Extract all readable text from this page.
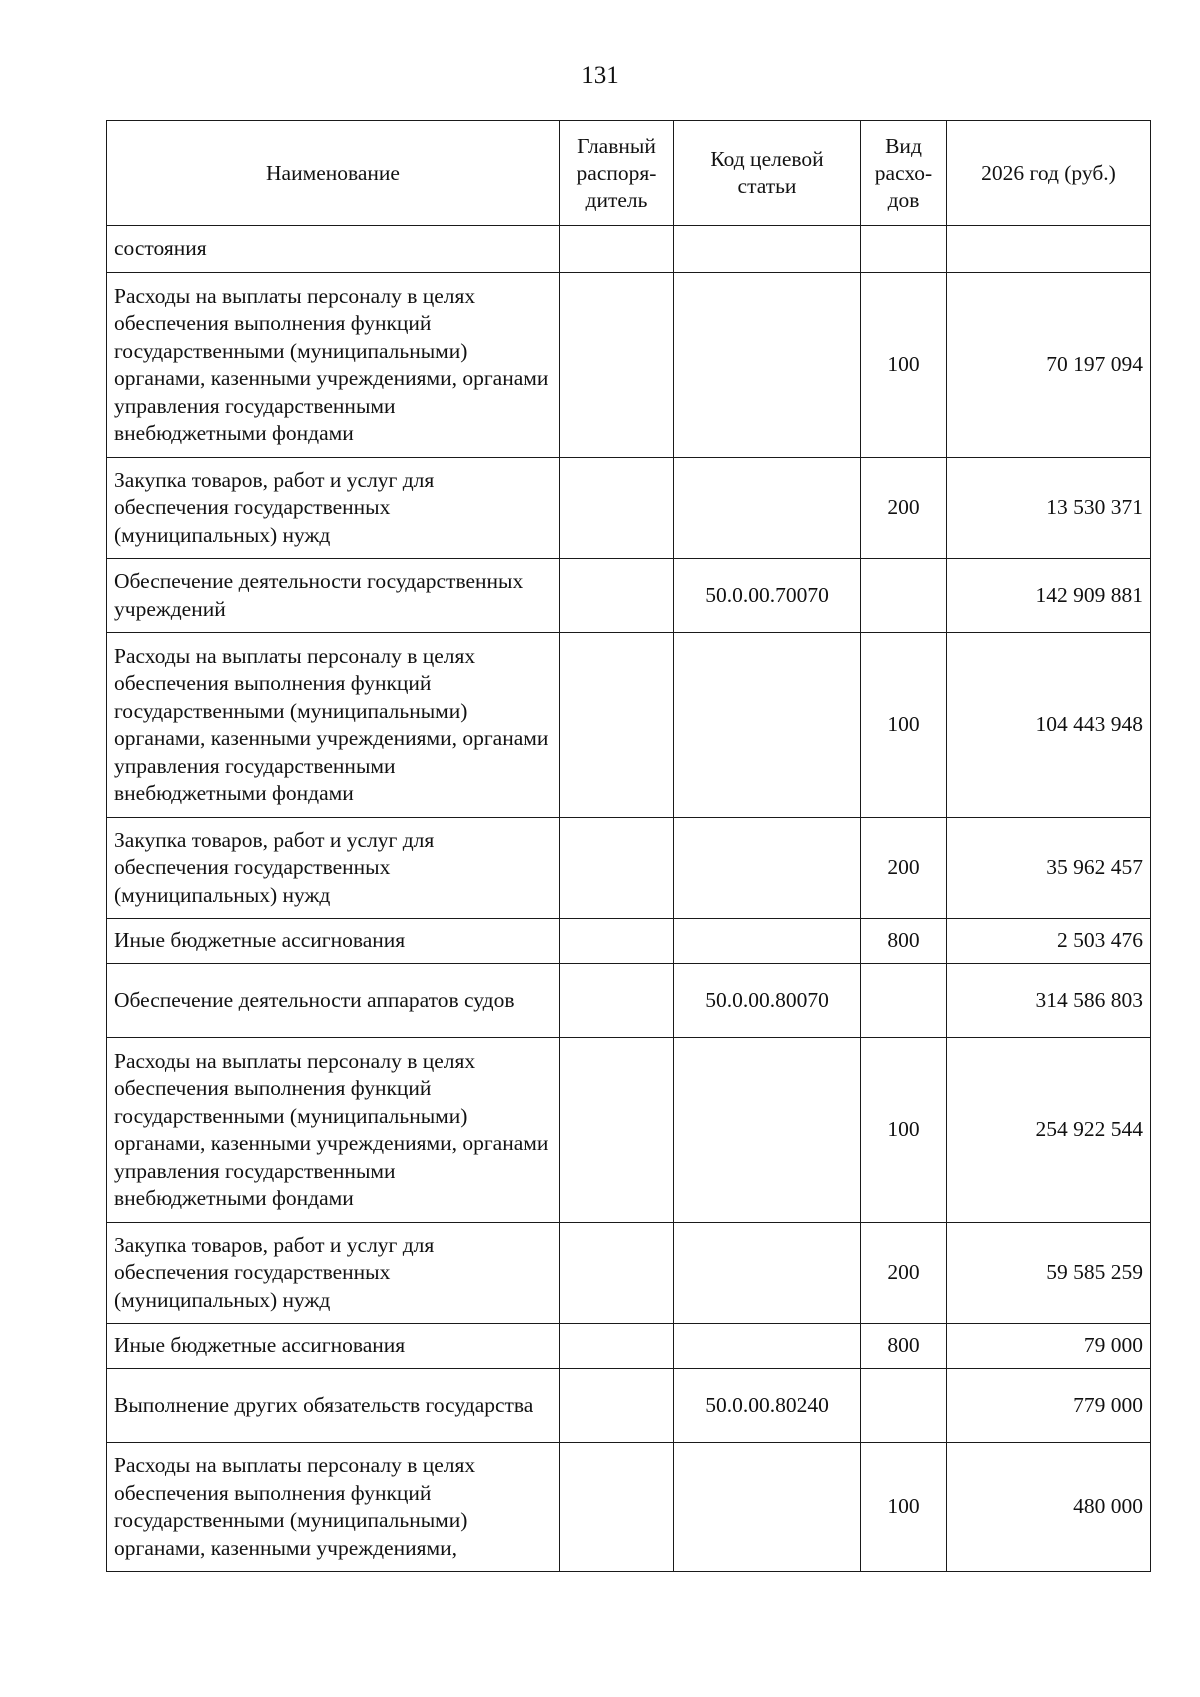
131
Наименование	Главный распоря-дитель	Код целевой статьи	Вид расхо-дов	2026 год (руб.)
состояния				
Расходы на выплаты персоналу в целях обеспечения выполнения функций государственными (муниципальными) органами, казенными учреждениями, органами управления государственными внебюджетными фондами			100	70 197 094
Закупка товаров, работ и услуг для обеспечения государственных (муниципальных) нужд			200	13 530 371
Обеспечение деятельности государственных учреждений		50.0.00.70070		142 909 881
Расходы на выплаты персоналу в целях обеспечения выполнения функций государственными (муниципальными) органами, казенными учреждениями, органами управления государственными внебюджетными фондами			100	104 443 948
Закупка товаров, работ и услуг для обеспечения государственных (муниципальных) нужд			200	35 962 457
Иные бюджетные ассигнования			800	2 503 476
Обеспечение деятельности аппаратов судов		50.0.00.80070		314 586 803
Расходы на выплаты персоналу в целях обеспечения выполнения функций государственными (муниципальными) органами, казенными учреждениями, органами управления государственными внебюджетными фондами			100	254 922 544
Закупка товаров, работ и услуг для обеспечения государственных (муниципальных) нужд			200	59 585 259
Иные бюджетные ассигнования			800	79 000
Выполнение других обязательств государства		50.0.00.80240		779 000
Расходы на выплаты персоналу в целях обеспечения выполнения функций государственными (муниципальными) органами, казенными учреждениями,			100	480 000
